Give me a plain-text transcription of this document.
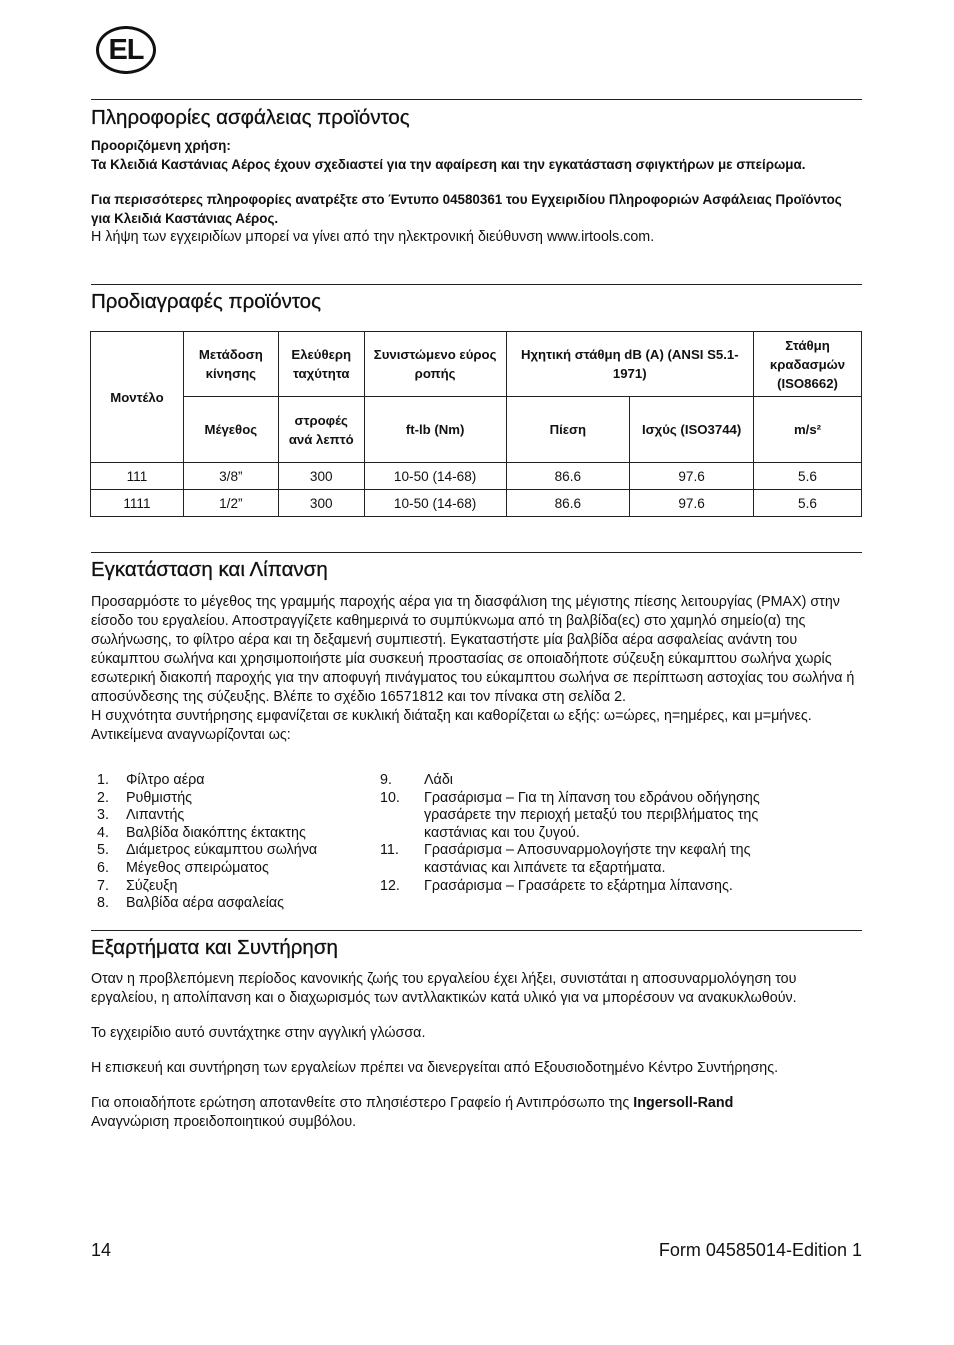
EL
Πληροφορίες ασφάλειας προϊόντος

Προοριζόμενη χρήση:

Τα Κλειδιά Καστάνιας Αέρος έχουν σχεδιαστεί για την αφαίρεση και την εγκατάσταση σφιγκτήρων με σπείρωμα.

Για περισσότερες πληροφορίες ανατρέξτε στο Έντυπο 04580361 του Εγχειριδίου Πληροφοριών Ασφάλειας Προϊόντος για Κλειδιά Καστάνιας Αέρος.

Η λήψη των εγχειριδίων μπορεί να γίνει από την ηλεκτρονική διεύθυνση www.irtools.com.

Προδιαγραφές προϊόντος
Μοντέλο	Μετάδοση κίνησης	Ελεύθερη ταχύτητα	Συνιστώμενο εύρος ροπής	Ηχητική στάθμη dB (A) (ANSI S5.1-1971)		Στάθμη κραδασμών (ISO8662)
	Μέγεθος	στροφές ανά λεπτό	ft-lb (Nm)	Πίεση	Ισχύς (ISO3744)	m/s²
111	3/8”	300	10-50 (14-68)	86.6	97.6	5.6
1111	1/2”	300	10-50 (14-68)	86.6	97.6	5.6
Εγκατάσταση και Λίπανση

Προσαρμόστε το μέγεθος της γραμμής παροχής αέρα για τη διασφάλιση της μέγιστης πίεσης λειτουργίας (PMAX) στην είσοδο του εργαλείου. Αποστραγγίζετε καθημερινά το συμπύκνωμα από τη βαλβίδα(ες) στο χαμηλό σημείο(α) της σωλήνωσης, το φίλτρο αέρα και τη δεξαμενή συμπιεστή. Εγκαταστήστε μία βαλβίδα αέρα ασφαλείας ανάντη του εύκαμπτου σωλήνα και χρησιμοποιήστε μία συσκευή προστασίας σε οποιαδήποτε σύζευξη εύκαμπτου σωλήνα χωρίς εσωτερική διακοπή παροχής για την αποφυγή πινάγματος του εύκαμπτου σωλήνα σε περίπτωση αστοχίας του σωλήνα ή αποσύνδεσης της σύζευξης. Βλέπε το σχέδιο 16571812 και τον πίνακα στη σελίδα 2.

Η συχνότητα συντήρησης εμφανίζεται σε κυκλική διάταξη και καθορίζεται ω εξής: ω=ώρες, η=ημέρες, και μ=μήνες. Αντικείμενα αναγνωρίζονται ως:

1.	Φίλτρο αέρα
2.	Ρυθμιστής
3.	Λιπαντής
4.	Βαλβίδα διακόπτης έκτακτης
5.	Διάμετρος εύκαμπτου σωλήνα
6.	Μέγεθος σπειρώματος
7.	Σύζευξη
8.	Βαλβίδα αέρα ασφαλείας
9.	Λάδι
10.	Γρασάρισμα – Για τη λίπανση του εδράνου οδήγησης γρασάρετε την περιοχή μεταξύ του περιβλήματος της καστάνιας και του ζυγού.
11.	Γρασάρισμα – Αποσυναρμολογήστε την κεφαλή της καστάνιας και λιπάνετε τα εξαρτήματα.
12.	Γρασάρισμα – Γρασάρετε το εξάρτημα λίπανσης.
Εξαρτήματα και Συντήρηση

Οταν η προβλεπόμενη περίοδος κανονικής ζωής του εργαλείου έχει λήξει, συνιστάται η αποσυναρμολόγηση του εργαλείου, η απολίπανση και ο διαχωρισμός των αντλλακτικών κατά υλικό για να μπορέσουν να ανακυκλωθούν.

Το εγχειρίδιο αυτό συντάχτηκε στην αγγλική γλώσσα.

Η επισκευή και συντήρηση των εργαλείων πρέπει να διενεργείται από Εξουσιοδοτημένο Κέντρο Συντήρησης.

Για οποιαδήποτε ερώτηση αποτανθείτε στο πλησιέστερο Γραφείο ή Αντιπρόσωπο της Ingersoll-Rand
Αναγνώριση προειδοποιητικού συμβόλου.

14	Form 04585014-Edition 1
